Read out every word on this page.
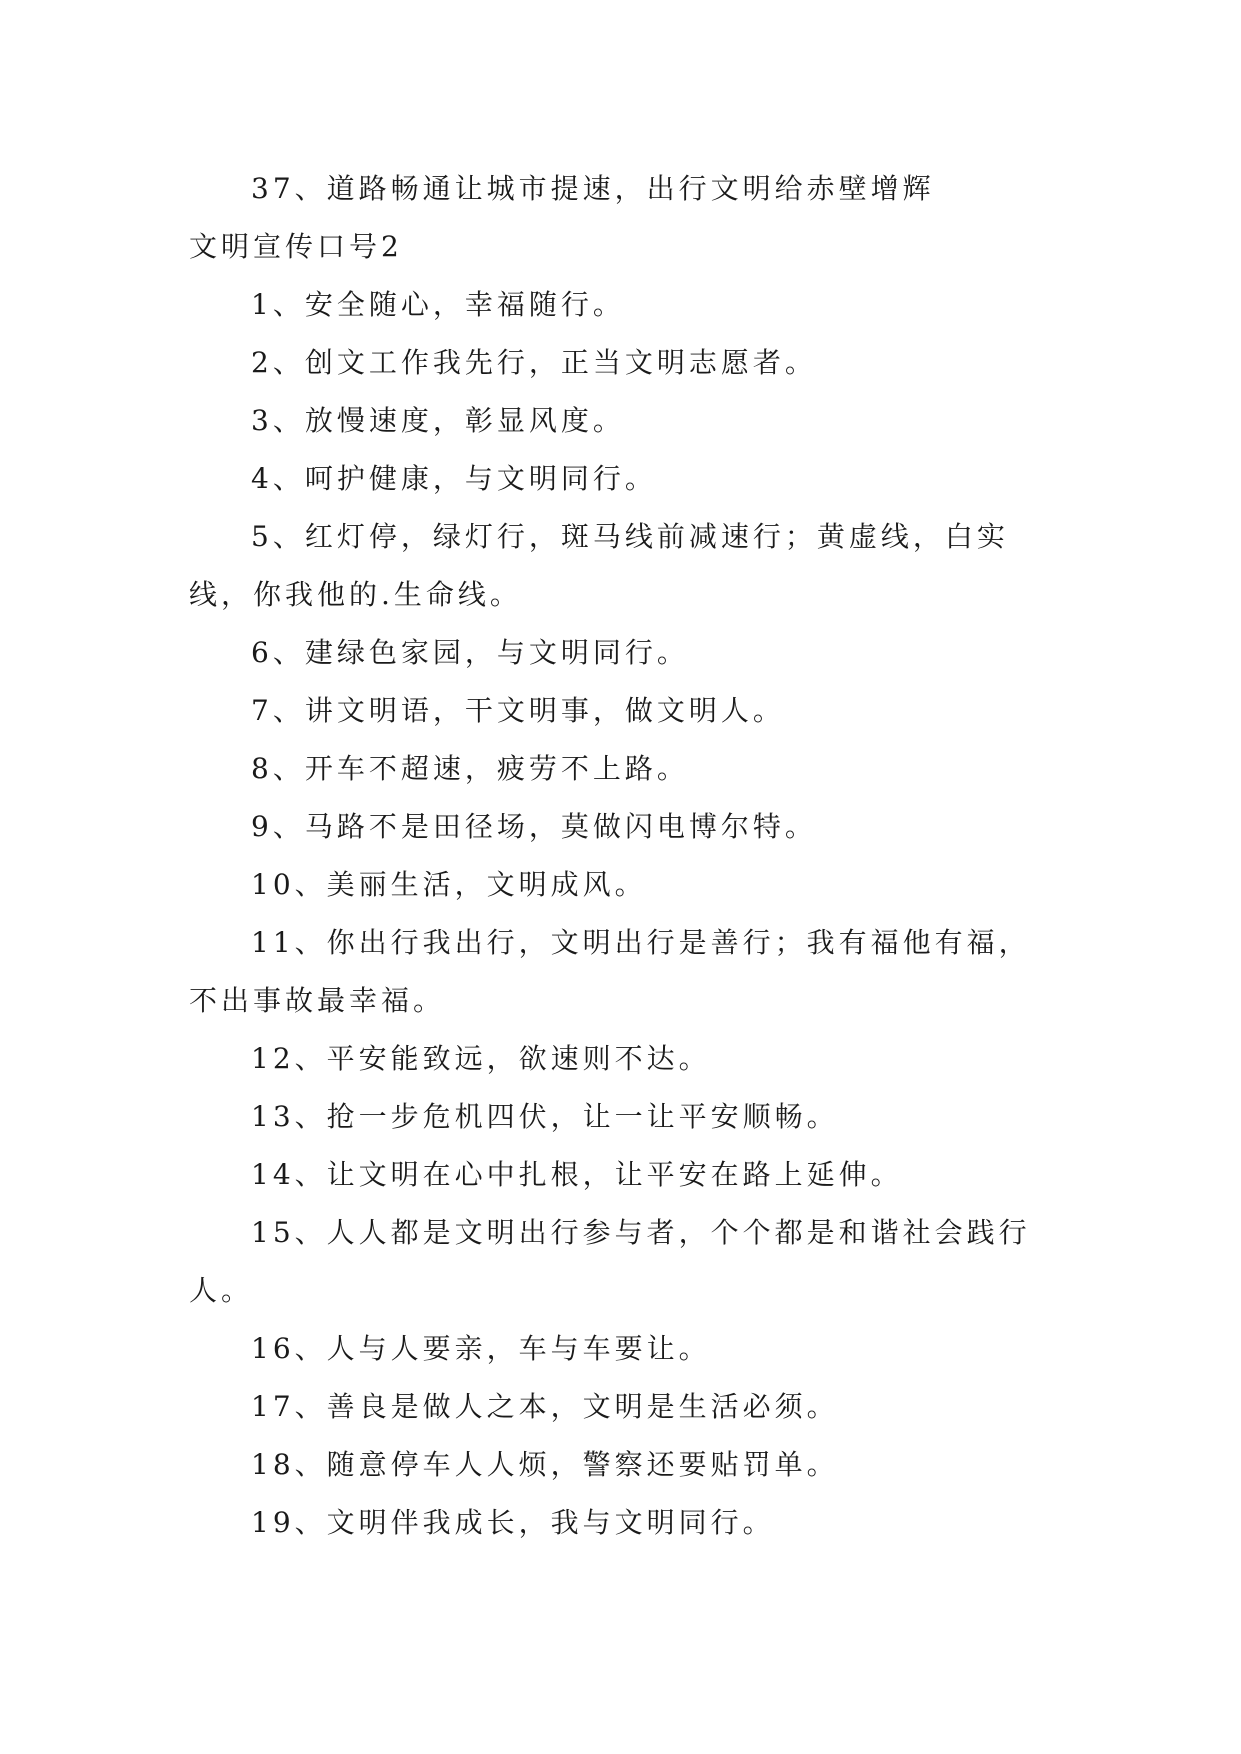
37、道路畅通让城市提速，出行文明给赤壁增辉

文明宣传口号2

1、安全随心，幸福随行。

2、创文工作我先行，正当文明志愿者。

3、放慢速度，彰显风度。

4、呵护健康，与文明同行。

5、红灯停，绿灯行，斑马线前减速行；黄虚线，白实线，你我他的.生命线。

6、建绿色家园，与文明同行。

7、讲文明语，干文明事，做文明人。

8、开车不超速，疲劳不上路。

9、马路不是田径场，莫做闪电博尔特。

10、美丽生活，文明成风。

11、你出行我出行，文明出行是善行；我有福他有福，不出事故最幸福。

12、平安能致远，欲速则不达。

13、抢一步危机四伏，让一让平安顺畅。

14、让文明在心中扎根，让平安在路上延伸。

15、人人都是文明出行参与者，个个都是和谐社会践行人。

16、人与人要亲，车与车要让。

17、善良是做人之本，文明是生活必须。

18、随意停车人人烦，警察还要贴罚单。

19、文明伴我成长，我与文明同行。
